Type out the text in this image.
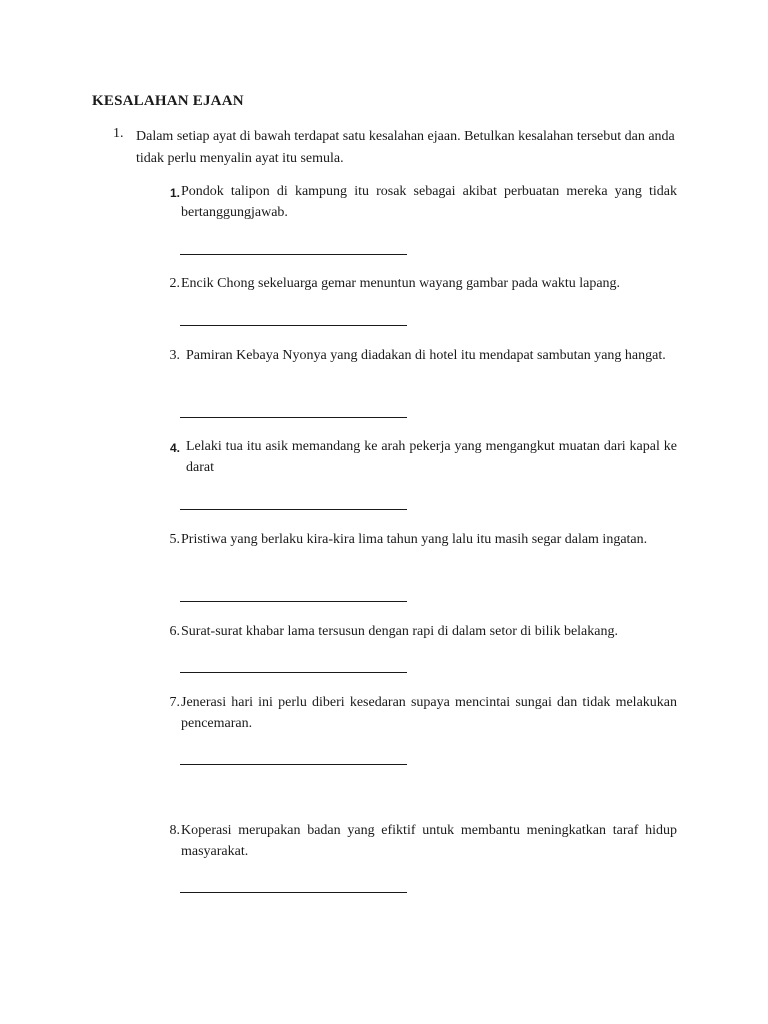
KESALAHAN EJAAN
1. Dalam setiap ayat di bawah terdapat satu kesalahan ejaan. Betulkan kesalahan tersebut dan anda tidak perlu menyalin ayat itu semula.
1. Pondok talipon di kampung itu rosak sebagai akibat perbuatan mereka yang tidak bertanggungjawab.
2. Encik Chong sekeluarga gemar menuntun wayang gambar pada waktu lapang.
3. Pamiran Kebaya Nyonya yang diadakan di hotel itu mendapat sambutan yang hangat.
4. Lelaki tua itu asik memandang ke arah pekerja yang mengangkut muatan dari kapal ke darat
5. Pristiwa yang berlaku kira-kira lima tahun yang lalu itu masih segar dalam ingatan.
6. Surat-surat khabar lama tersusun dengan rapi di dalam setor di bilik belakang.
7. Jenerasi hari ini perlu diberi kesedaran supaya mencintai sungai dan tidak melakukan pencemaran.
8. Koperasi merupakan badan yang efiktif untuk membantu meningkatkan taraf hidup masyarakat.
